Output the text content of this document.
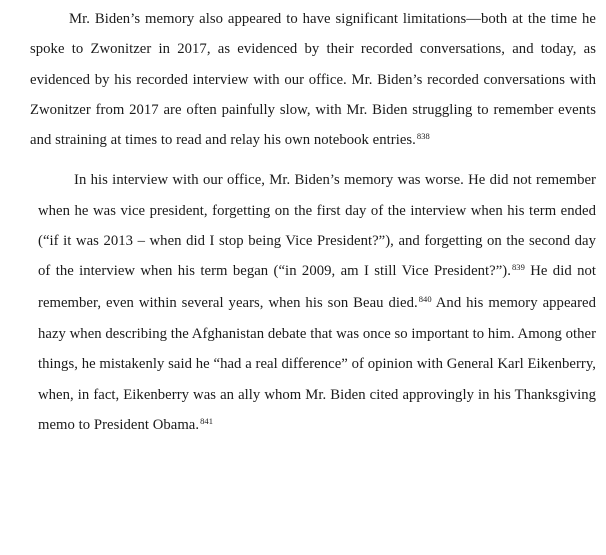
Mr. Biden’s memory also appeared to have significant limitations—both at the time he spoke to Zwonitzer in 2017, as evidenced by their recorded conversations, and today, as evidenced by his recorded interview with our office. Mr. Biden’s recorded conversations with Zwonitzer from 2017 are often painfully slow, with Mr. Biden struggling to remember events and straining at times to read and relay his own notebook entries.$^{838}$

In his interview with our office, Mr. Biden’s memory was worse. He did not remember when he was vice president, forgetting on the first day of the interview when his term ended (“if it was 2013 – when did I stop being Vice President?”), and forgetting on the second day of the interview when his term began (“in 2009, am I still Vice President?”).$^{839}$ He did not remember, even within several years, when his son Beau died.$^{840}$ And his memory appeared hazy when describing the Afghanistan debate that was once so important to him. Among other things, he mistakenly said he “had a real difference” of opinion with General Karl Eikenberry, when, in fact, Eikenberry was an ally whom Mr. Biden cited approvingly in his Thanksgiving memo to President Obama.$^{841}$
